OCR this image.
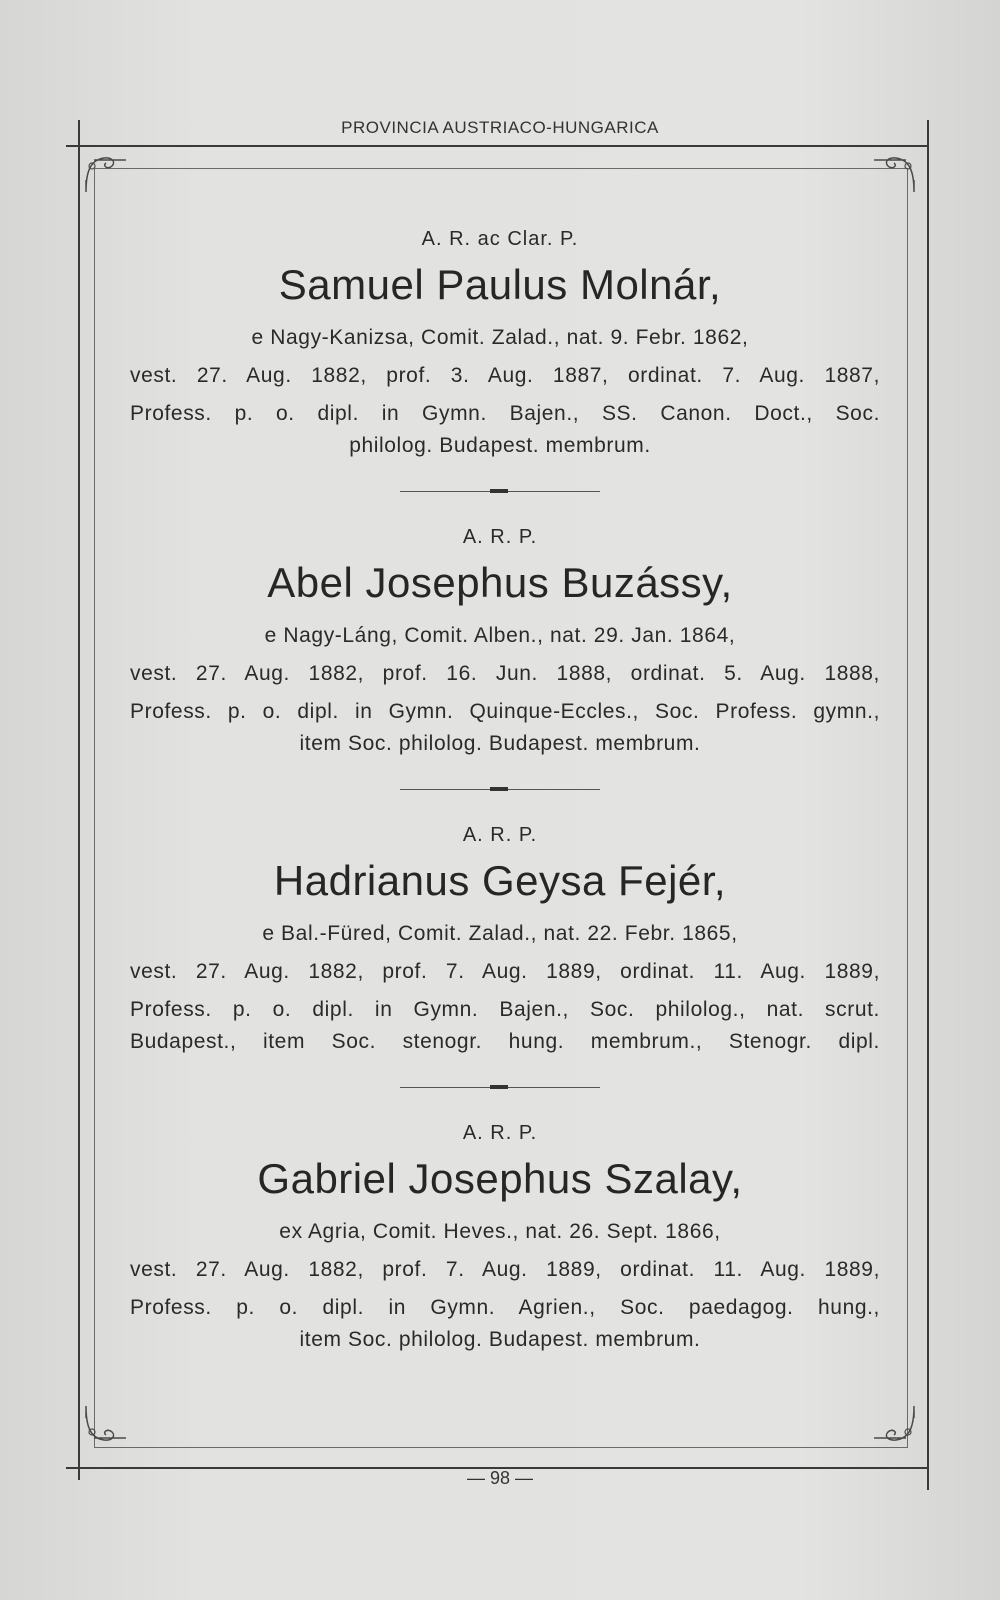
PROVINCIA AUSTRIACO-HUNGARICA
A. R. ac Clar. P.
Samuel Paulus Molnár,
e Nagy-Kanizsa, Comit. Zalad., nat. 9. Febr. 1862,
vest. 27. Aug. 1882, prof. 3. Aug. 1887, ordinat. 7. Aug. 1887,
Profess. p. o. dipl. in Gymn. Bajen., SS. Canon. Doct., Soc.
philolog. Budapest. membrum.
A. R. P.
Abel Josephus Buzássy,
e Nagy-Láng, Comit. Alben., nat. 29. Jan. 1864,
vest. 27. Aug. 1882, prof. 16. Jun. 1888, ordinat. 5. Aug. 1888,
Profess. p. o. dipl. in Gymn. Quinque-Eccles., Soc. Profess. gymn.,
item Soc. philolog. Budapest. membrum.
A. R. P.
Hadrianus Geysa Fejér,
e Bal.-Füred, Comit. Zalad., nat. 22. Febr. 1865,
vest. 27. Aug. 1882, prof. 7. Aug. 1889, ordinat. 11. Aug. 1889,
Profess. p. o. dipl. in Gymn. Bajen., Soc. philolog., nat. scrut.
Budapest., item Soc. stenogr. hung. membrum., Stenogr. dipl.
A. R. P.
Gabriel Josephus Szalay,
ex Agria, Comit. Heves., nat. 26. Sept. 1866,
vest. 27. Aug. 1882, prof. 7. Aug. 1889, ordinat. 11. Aug. 1889,
Profess. p. o. dipl. in Gymn. Agrien., Soc. paedagog. hung.,
item Soc. philolog. Budapest. membrum.
— 98 —
